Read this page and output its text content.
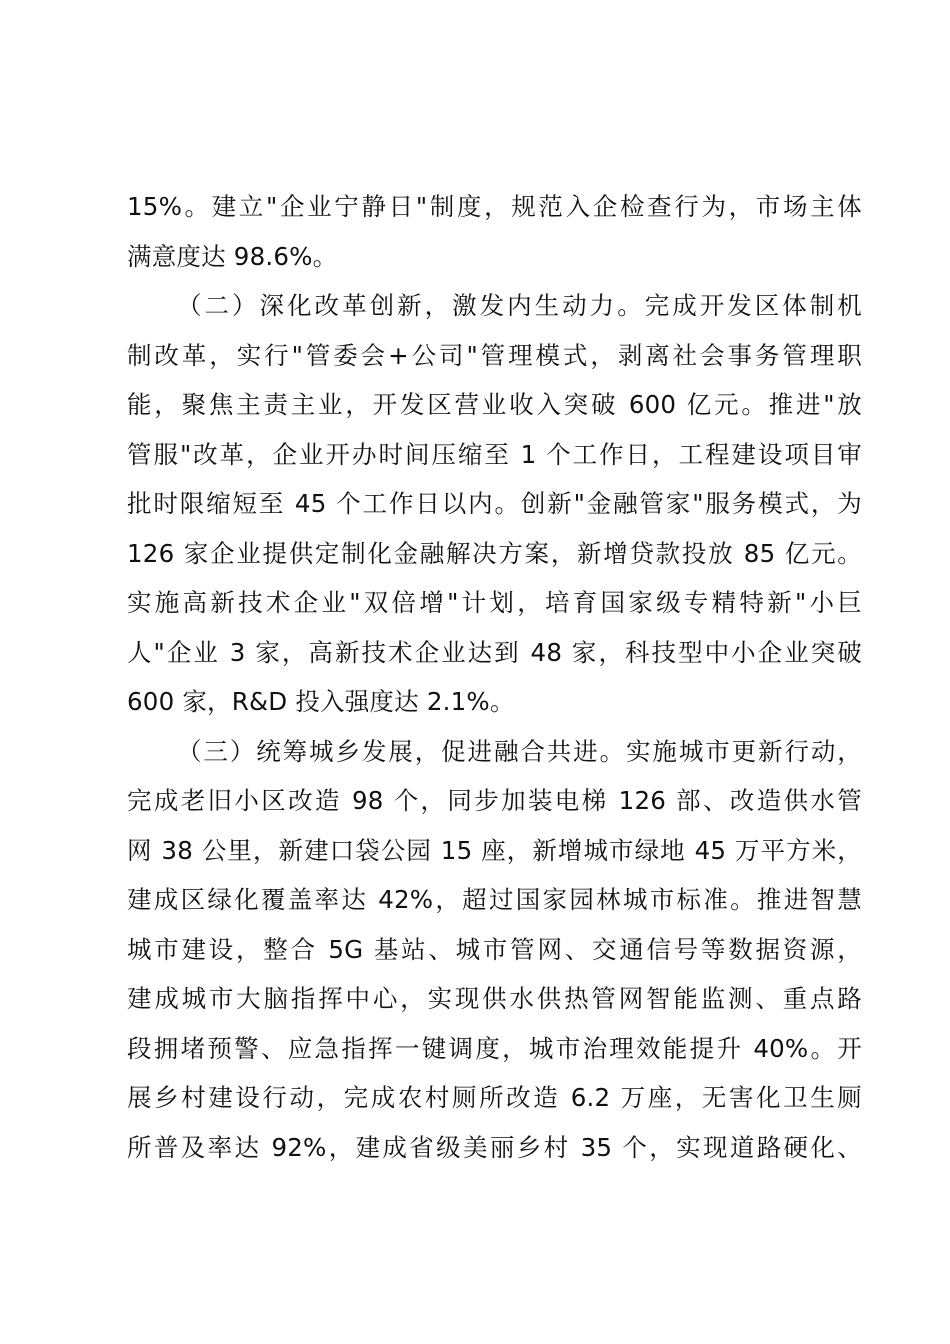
15%。建立"企业宁静日"制度，规范入企检查行为，市场主体
满意度达 98.6%。
（二）深化改革创新，激发内生动力。完成开发区体制机
制改革，实行"管委会+公司"管理模式，剥离社会事务管理职
能，聚焦主责主业，开发区营业收入突破 600 亿元。推进"放
管服"改革，企业开办时间压缩至 1 个工作日，工程建设项目审
批时限缩短至 45 个工作日以内。创新"金融管家"服务模式，为
126 家企业提供定制化金融解决方案，新增贷款投放 85 亿元。
实施高新技术企业"双倍增"计划，培育国家级专精特新"小巨
人"企业 3 家，高新技术企业达到 48 家，科技型中小企业突破
600 家，R&D 投入强度达 2.1%。
（三）统筹城乡发展，促进融合共进。实施城市更新行动，
完成老旧小区改造 98 个，同步加装电梯 126 部、改造供水管
网 38 公里，新建口袋公园 15 座，新增城市绿地 45 万平方米，
建成区绿化覆盖率达 42%，超过国家园林城市标准。推进智慧
城市建设，整合 5G 基站、城市管网、交通信号等数据资源，
建成城市大脑指挥中心，实现供水供热管网智能监测、重点路
段拥堵预警、应急指挥一键调度，城市治理效能提升 40%。开
展乡村建设行动，完成农村厕所改造 6.2 万座，无害化卫生厕
所普及率达 92%，建成省级美丽乡村 35 个，实现道路硬化、
